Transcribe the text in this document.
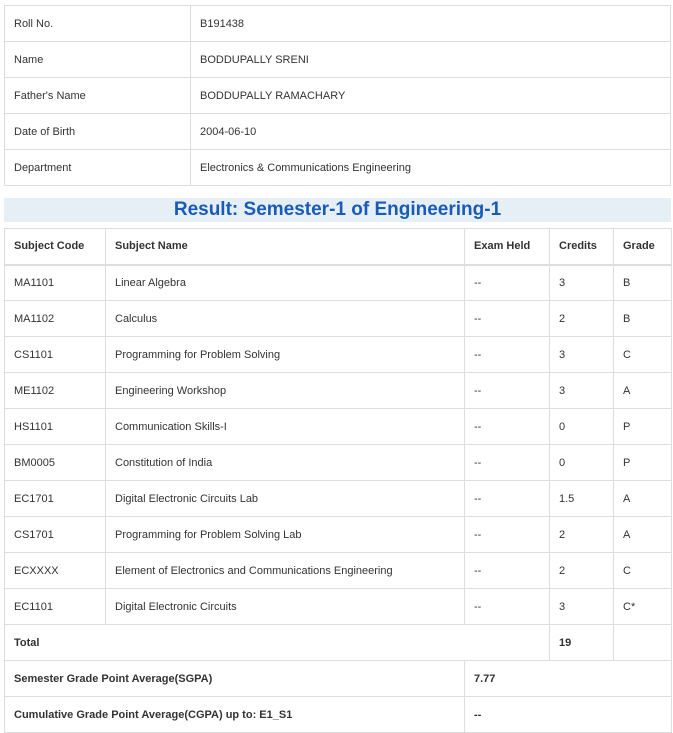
Roll No.	B191438
Name	BODDUPALLY SRENI
Father's Name	BODDUPALLY RAMACHARY
Date of Birth	2004-06-10
Department	Electronics & Communications Engineering
Result: Semester-1 of Engineering-1
Subject Code	Subject Name	Exam Held	Credits	Grade
MA1101	Linear Algebra	--	3	B
MA1102	Calculus	--	2	B
CS1101	Programming for Problem Solving	--	3	C
ME1102	Engineering Workshop	--	3	A
HS1101	Communication Skills-I	--	0	P
BM0005	Constitution of India	--	0	P
EC1701	Digital Electronic Circuits Lab	--	1.5	A
CS1701	Programming for Problem Solving Lab	--	2	A
ECXXXX	Element of Electronics and Communications Engineering	--	2	C
EC1101	Digital Electronic Circuits	--	3	C*
Total			19	
Semester Grade Point Average(SGPA)		7.77		
Cumulative Grade Point Average(CGPA) up to: E1_S1		--		
